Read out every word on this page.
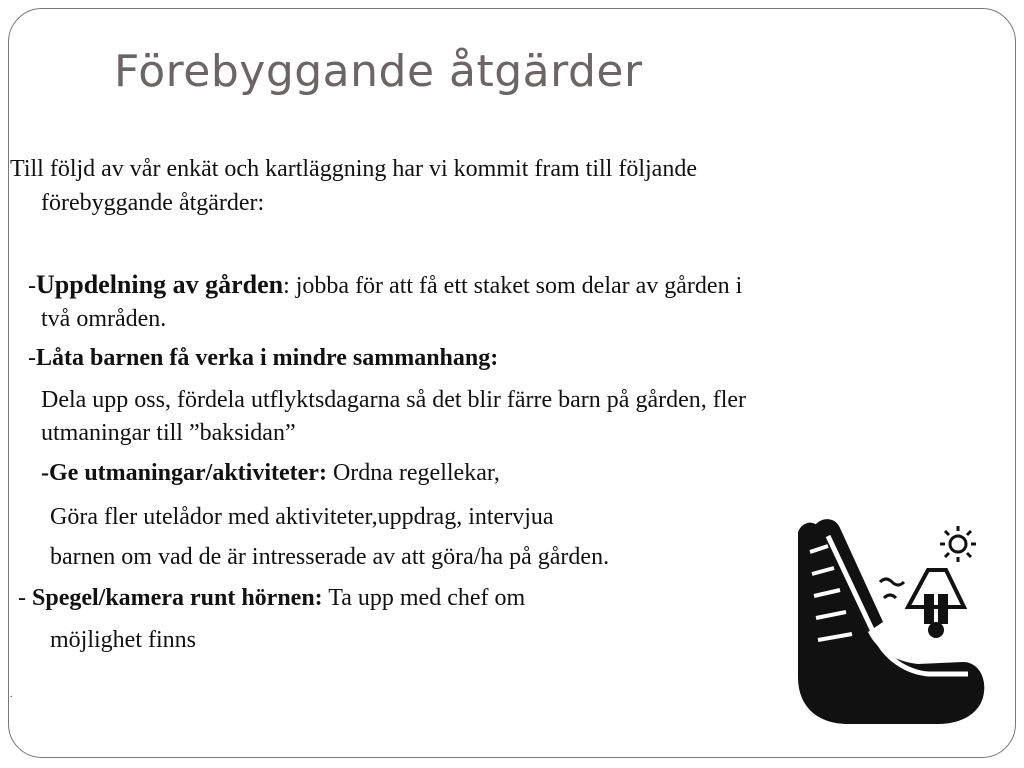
Förebyggande åtgärder
Till följd av vår enkät och kartläggning har vi kommit fram till följande
förebyggande åtgärder:
-Uppdelning av gården: jobba för att få ett staket som delar av gården i
två områden.
-Låta barnen få verka i mindre sammanhang:
Dela upp oss, fördela utflyktsdagarna så det blir färre barn på gården, fler
utmaningar till ”baksidan”
-Ge utmaningar/aktiviteter: Ordna regellekar,
Göra fler utelådor med aktiviteter,uppdrag, intervjua
barnen om vad de är intresserade av att göra/ha på gården.
- Spegel/kamera runt hörnen: Ta upp med chef om
möjlighet finns
.
